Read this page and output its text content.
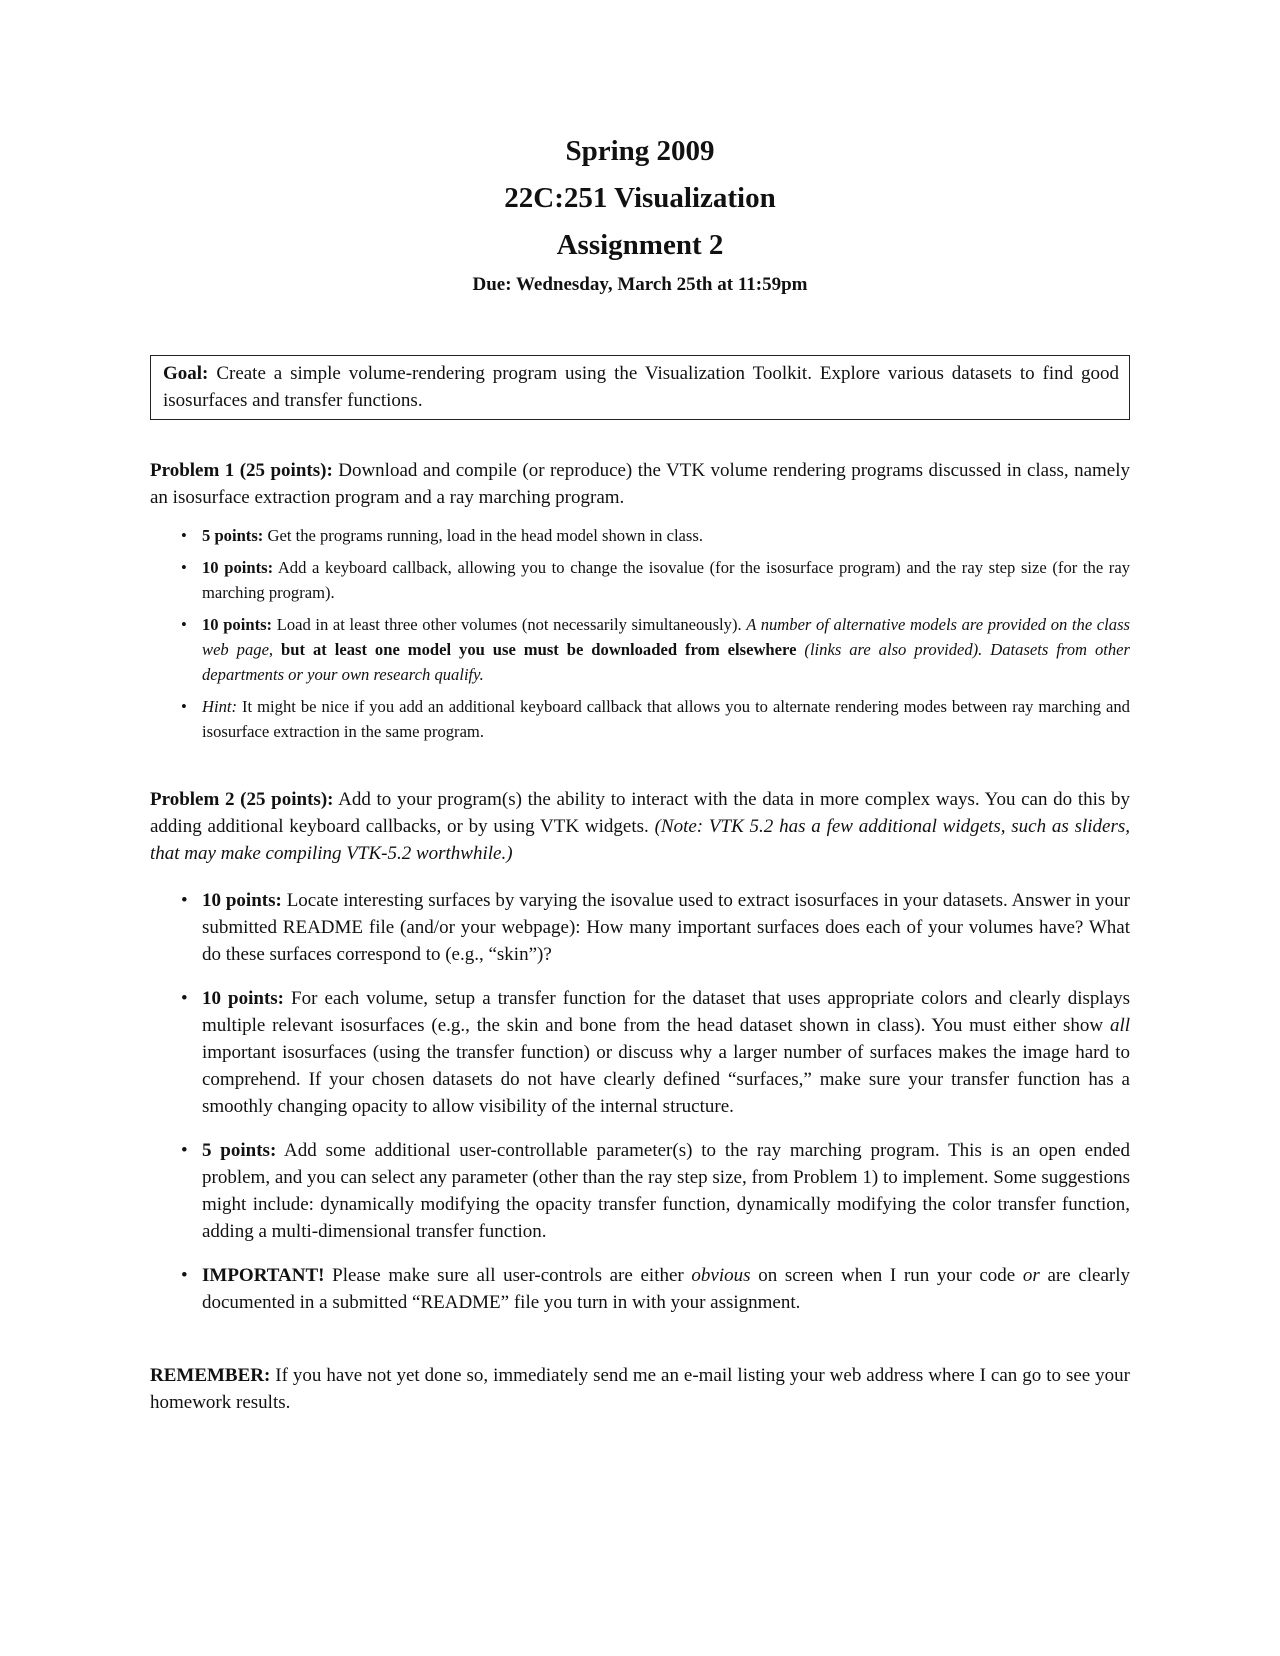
Spring 2009
22C:251 Visualization
Assignment 2
Due: Wednesday, March 25th at 11:59pm
Goal: Create a simple volume-rendering program using the Visualization Toolkit. Explore various datasets to find good isosurfaces and transfer functions.
Problem 1 (25 points): Download and compile (or reproduce) the VTK volume rendering programs discussed in class, namely an isosurface extraction program and a ray marching program.
• 5 points: Get the programs running, load in the head model shown in class.
• 10 points: Add a keyboard callback, allowing you to change the isovalue (for the isosurface program) and the ray step size (for the ray marching program).
• 10 points: Load in at least three other volumes (not necessarily simultaneously). A number of alternative models are provided on the class web page, but at least one model you use must be downloaded from elsewhere (links are also provided). Datasets from other departments or your own research qualify.
• Hint: It might be nice if you add an additional keyboard callback that allows you to alternate rendering modes between ray marching and isosurface extraction in the same program.
Problem 2 (25 points): Add to your program(s) the ability to interact with the data in more complex ways. You can do this by adding additional keyboard callbacks, or by using VTK widgets. (Note: VTK 5.2 has a few additional widgets, such as sliders, that may make compiling VTK-5.2 worthwhile.)
• 10 points: Locate interesting surfaces by varying the isovalue used to extract isosurfaces in your datasets. Answer in your submitted README file (and/or your webpage): How many important surfaces does each of your volumes have? What do these surfaces correspond to (e.g., “skin”)?
• 10 points: For each volume, setup a transfer function for the dataset that uses appropriate colors and clearly displays multiple relevant isosurfaces (e.g., the skin and bone from the head dataset shown in class). You must either show all important isosurfaces (using the transfer function) or discuss why a larger number of surfaces makes the image hard to comprehend. If your chosen datasets do not have clearly defined “surfaces,” make sure your transfer function has a smoothly changing opacity to allow visibility of the internal structure.
• 5 points: Add some additional user-controllable parameter(s) to the ray marching program. This is an open ended problem, and you can select any parameter (other than the ray step size, from Problem 1) to implement. Some suggestions might include: dynamically modifying the opacity transfer function, dynamically modifying the color transfer function, adding a multi-dimensional transfer function.
• IMPORTANT! Please make sure all user-controls are either obvious on screen when I run your code or are clearly documented in a submitted “README” file you turn in with your assignment.
REMEMBER: If you have not yet done so, immediately send me an e-mail listing your web address where I can go to see your homework results.
